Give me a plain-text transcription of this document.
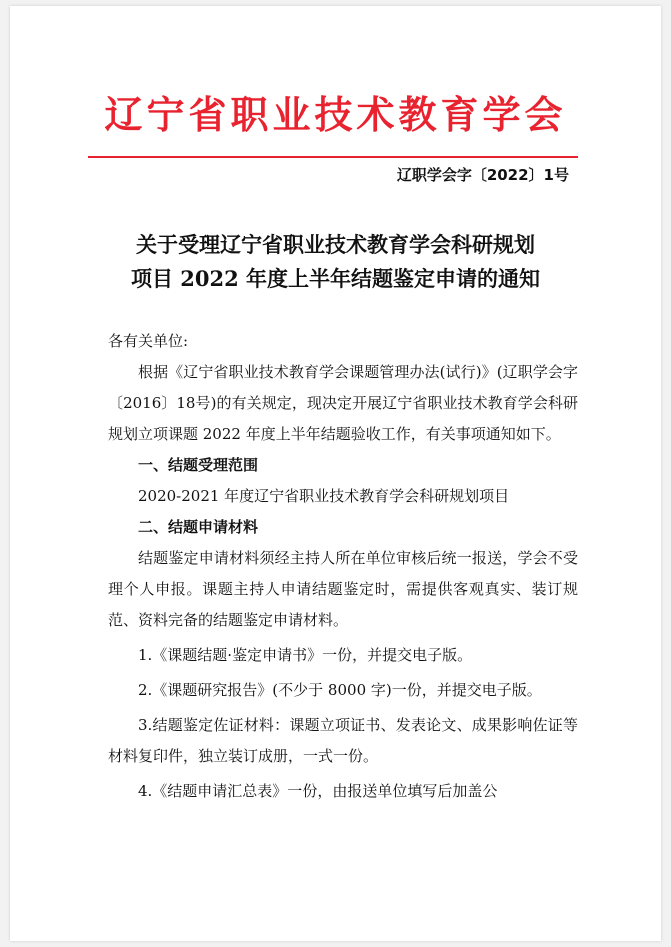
辽宁省职业技术教育学会
辽职学会字〔2022〕1号
关于受理辽宁省职业技术教育学会科研规划
项目 2022 年度上半年结题鉴定申请的通知

各有关单位:

根据《辽宁省职业技术教育学会课题管理办法(试行)》(辽职学会字〔2016〕18号)的有关规定，现决定开展辽宁省职业技术教育学会科研规划立项课题 2022 年度上半年结题验收工作，有关事项通知如下。

一、结题受理范围

2020-2021 年度辽宁省职业技术教育学会科研规划项目

二、结题申请材料

结题鉴定申请材料须经主持人所在单位审核后统一报送，学会不受理个人申报。课题主持人申请结题鉴定时，需提供客观真实、装订规范、资料完备的结题鉴定申请材料。

1.《课题结题·鉴定申请书》一份，并提交电子版。

2.《课题研究报告》(不少于 8000 字)一份，并提交电子版。

3.结题鉴定佐证材料：课题立项证书、发表论文、成果影响佐证等材料复印件，独立装订成册，一式一份。

4.《结题申请汇总表》一份，由报送单位填写后加盖公
